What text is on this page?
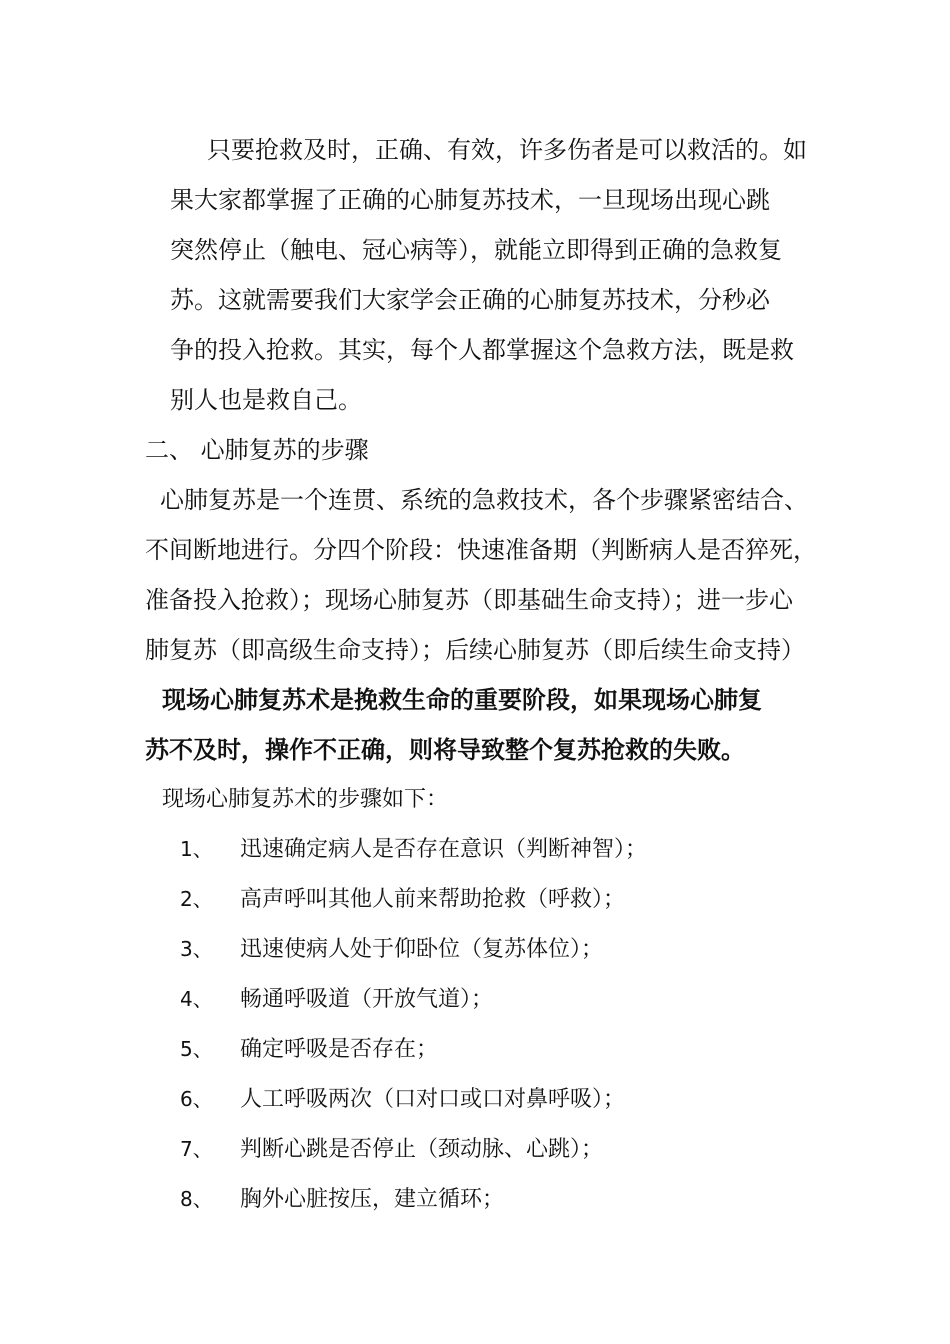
只要抢救及时，正确、有效，许多伤者是可以救活的。如
果大家都掌握了正确的心肺复苏技术，一旦现场出现心跳
突然停止（触电、冠心病等），就能立即得到正确的急救复
苏。这就需要我们大家学会正确的心肺复苏技术，分秒必
争的投入抢救。其实，每个人都掌握这个急救方法，既是救
别人也是救自己。
二、 心肺复苏的步骤
心肺复苏是一个连贯、系统的急救技术，各个步骤紧密结合、
不间断地进行。分四个阶段：快速准备期（判断病人是否猝死，
准备投入抢救）；现场心肺复苏（即基础生命支持）；进一步心
肺复苏（即高级生命支持）；后续心肺复苏（即后续生命支持）
现场心肺复苏术是挽救生命的重要阶段，如果现场心肺复
苏不及时，操作不正确，则将导致整个复苏抢救的失败。
现场心肺复苏术的步骤如下：
1、 迅速确定病人是否存在意识（判断神智）；
2、 高声呼叫其他人前来帮助抢救（呼救）；
3、 迅速使病人处于仰卧位（复苏体位）；
4、 畅通呼吸道（开放气道）；
5、 确定呼吸是否存在；
6、 人工呼吸两次（口对口或口对鼻呼吸）；
7、 判断心跳是否停止（颈动脉、心跳）；
8、 胸外心脏按压，建立循环；
